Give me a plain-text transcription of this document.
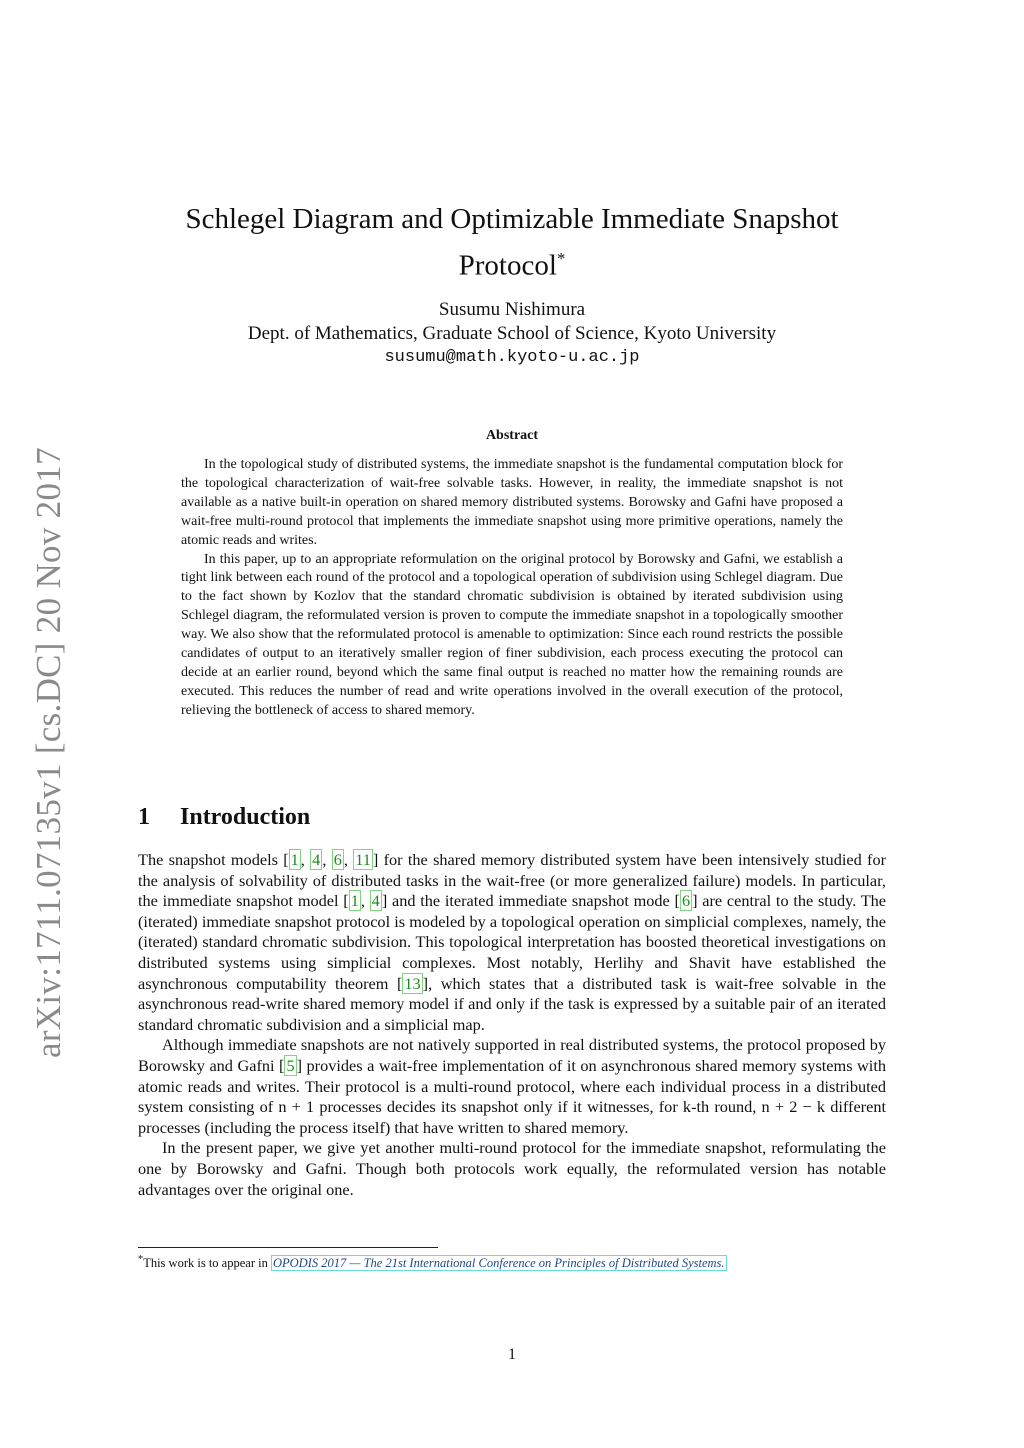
arXiv:1711.07135v1 [cs.DC] 20 Nov 2017
Schlegel Diagram and Optimizable Immediate Snapshot Protocol*
Susumu Nishimura
Dept. of Mathematics, Graduate School of Science, Kyoto University
susumu@math.kyoto-u.ac.jp
Abstract

In the topological study of distributed systems, the immediate snapshot is the fundamental computation block for the topological characterization of wait-free solvable tasks. However, in reality, the immediate snapshot is not available as a native built-in operation on shared memory distributed systems. Borowsky and Gafni have proposed a wait-free multi-round protocol that implements the immediate snapshot using more primitive operations, namely the atomic reads and writes.

In this paper, up to an appropriate reformulation on the original protocol by Borowsky and Gafni, we establish a tight link between each round of the protocol and a topological operation of subdivision using Schlegel diagram. Due to the fact shown by Kozlov that the standard chromatic subdivision is obtained by iterated subdivision using Schlegel diagram, the reformulated version is proven to compute the immediate snapshot in a topologically smoother way. We also show that the reformulated protocol is amenable to optimization: Since each round restricts the possible candidates of output to an iteratively smaller region of finer subdivision, each process executing the protocol can decide at an earlier round, beyond which the same final output is reached no matter how the remaining rounds are executed. This reduces the number of read and write operations involved in the overall execution of the protocol, relieving the bottleneck of access to shared memory.

1 Introduction

The snapshot models [ 1 , 4 , 6 , 11 ] for the shared memory distributed system have been intensively studied for the analysis of solvability of distributed tasks in the wait-free (or more generalized failure) models. In particular, the immediate snapshot model [ 1 , 4 ] and the iterated immediate snapshot mode [ 6 ] are central to the study. The (iterated) immediate snapshot protocol is modeled by a topological operation on simplicial complexes, namely, the (iterated) standard chromatic subdivision. This topological interpretation has boosted theoretical investigations on distributed systems using simplicial complexes. Most notably, Herlihy and Shavit have established the asynchronous computability theorem [ 13 ], which states that a distributed task is wait-free solvable in the asynchronous read-write shared memory model if and only if the task is expressed by a suitable pair of an iterated standard chromatic subdivision and a simplicial map.

Although immediate snapshots are not natively supported in real distributed systems, the protocol proposed by Borowsky and Gafni [ 5 ] provides a wait-free implementation of it on asynchronous shared memory systems with atomic reads and writes. Their protocol is a multi-round protocol, where each individual process in a distributed system consisting of n + 1 processes decides its snapshot only if it witnesses, for k-th round, n + 2 − k different processes (including the process itself) that have written to shared memory.

In the present paper, we give yet another multi-round protocol for the immediate snapshot, reformulating the one by Borowsky and Gafni. Though both protocols work equally, the reformulated version has notable advantages over the original one.

*This work is to appear in OPODIS 2017 — The 21st International Conference on Principles of Distributed Systems.
1
